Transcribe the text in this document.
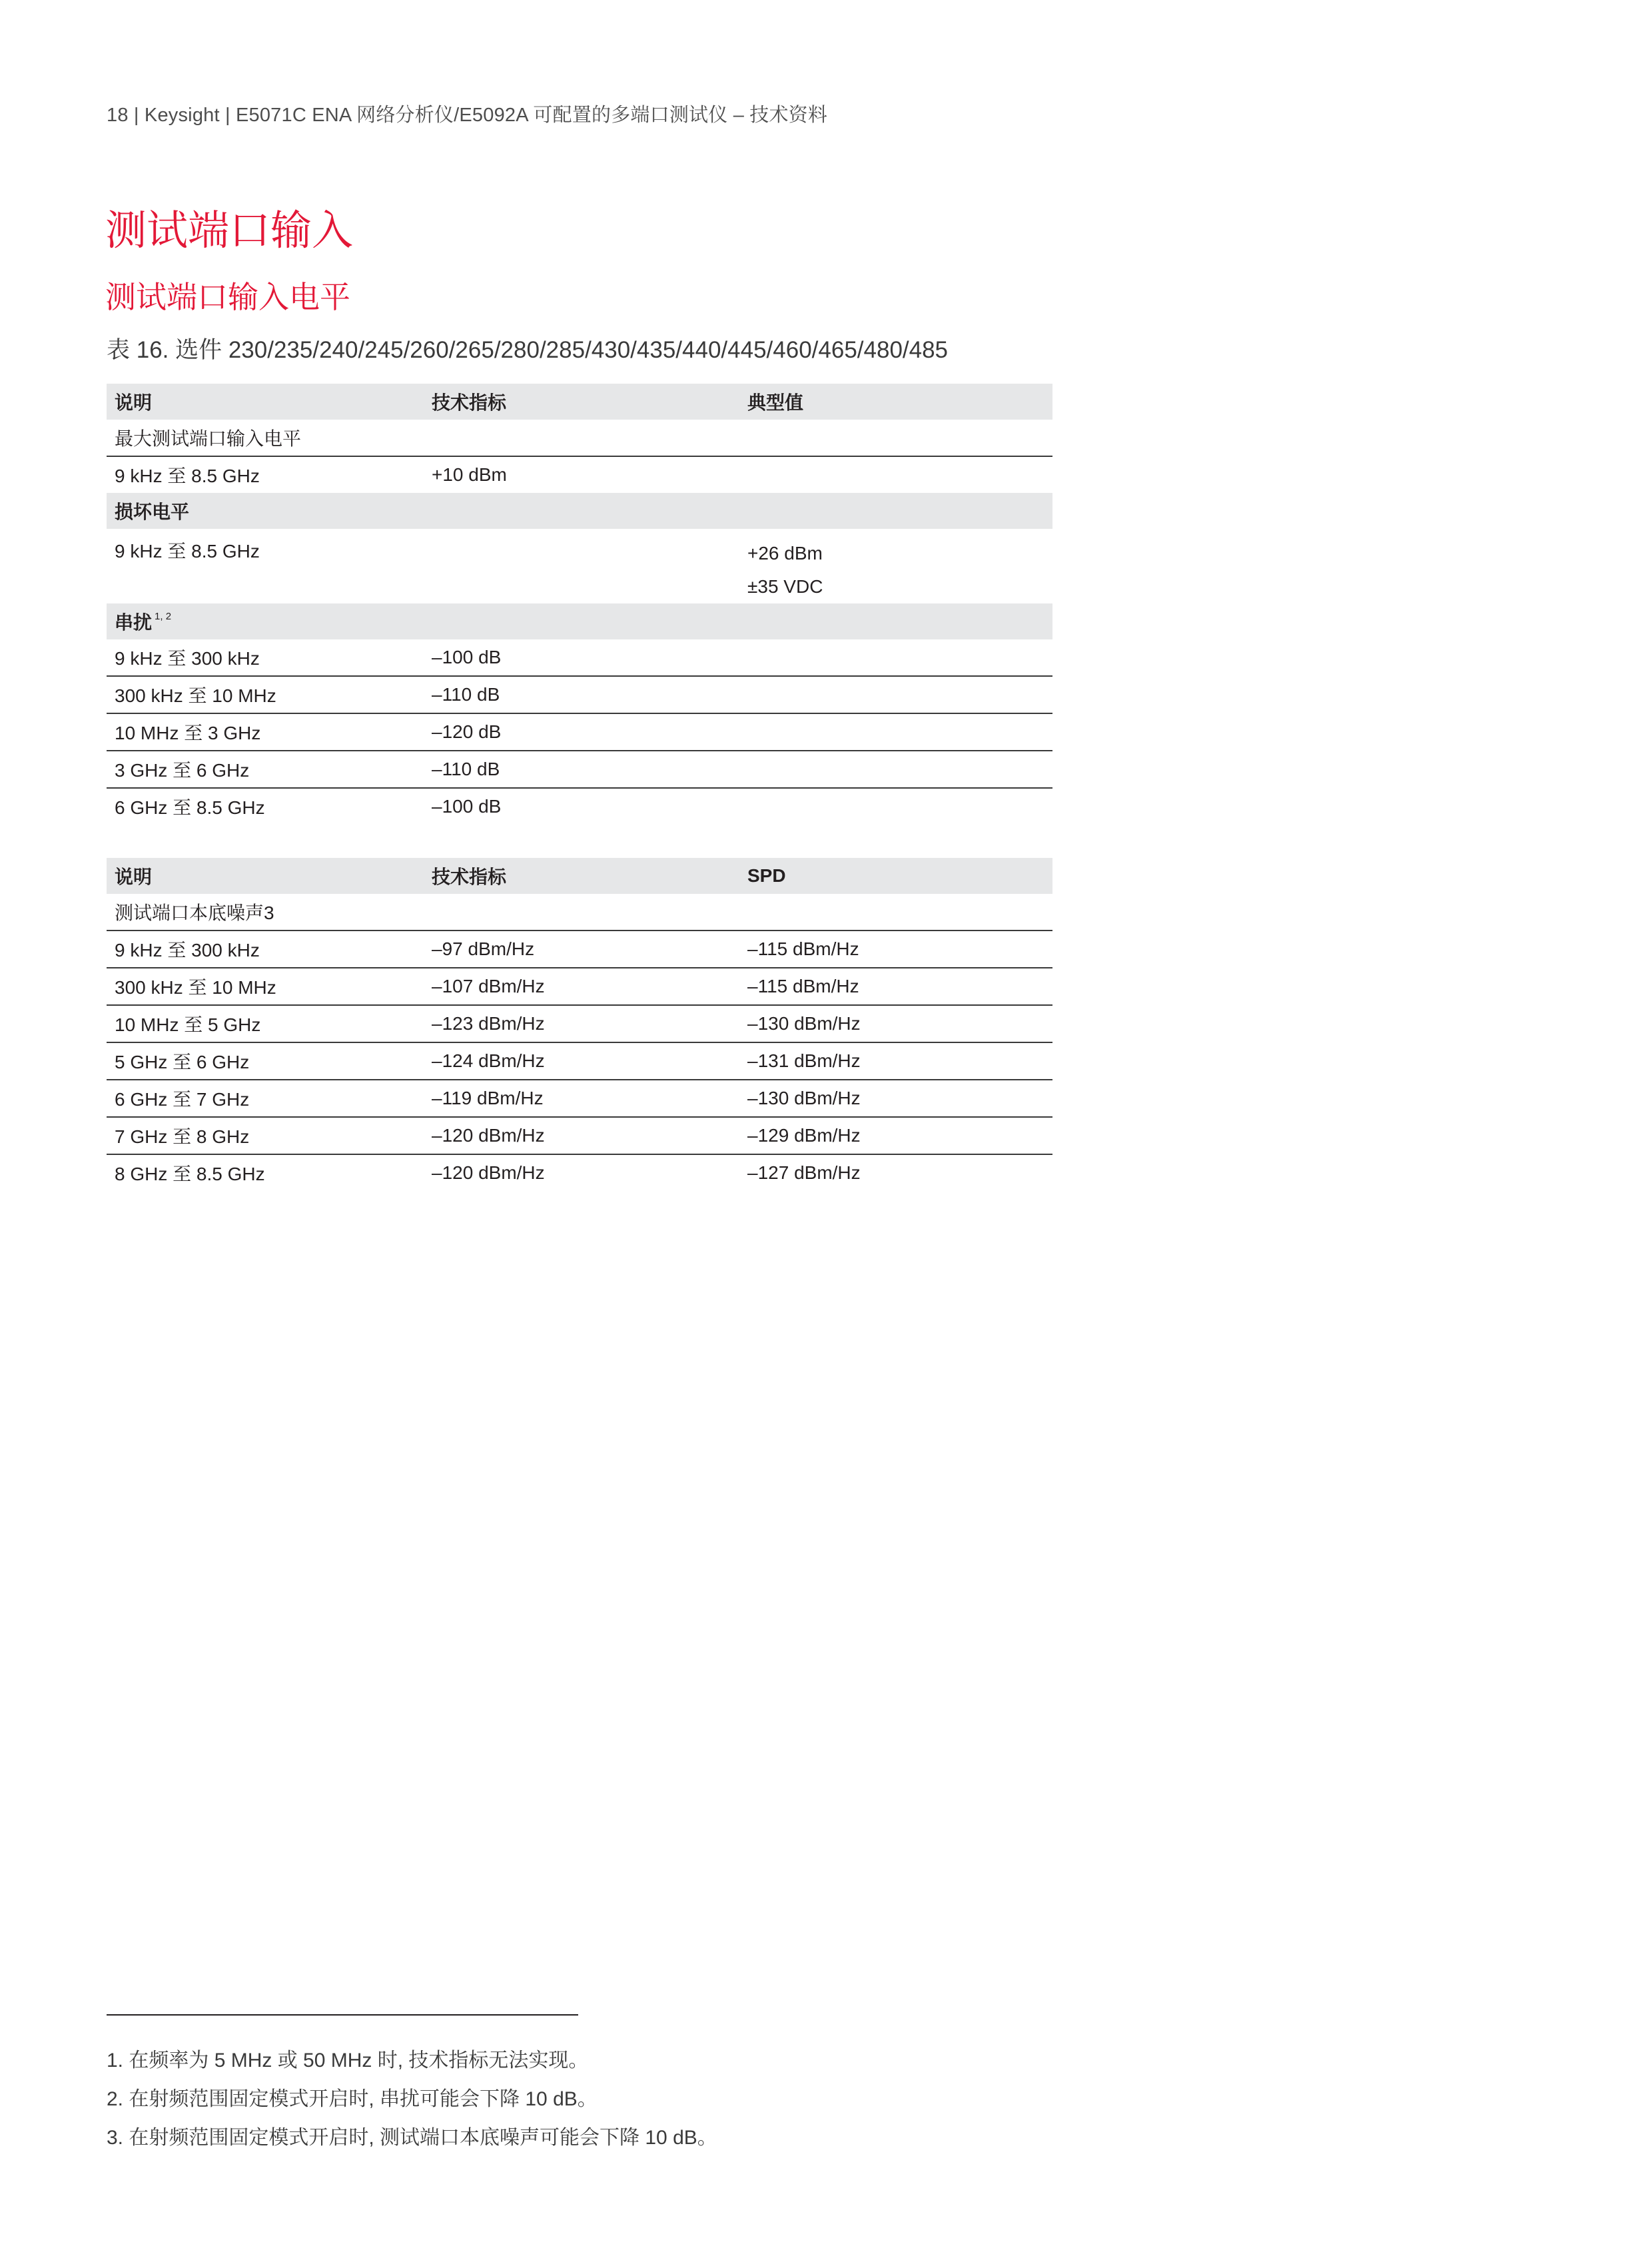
18 | Keysight | E5071C ENA 网络分析仪/E5092A 可配置的多端口测试仪 – 技术资料
测试端口输入
测试端口输入电平
表 16. 选件 230/235/240/245/260/265/280/285/430/435/440/445/460/465/480/485
说明	技术指标	典型值
最大测试端口输入电平		
9 kHz 至 8.5 GHz	+10 dBm	
损坏电平		
9 kHz 至 8.5 GHz		+26 dBm
±35 VDC

串扰 $^{1, 2}$
9 kHz 至 300 kHz	–100 dB	
300 kHz 至 10 MHz	–110 dB	
10 MHz 至 3 GHz	–120 dB	
3 GHz 至 6 GHz	–110 dB	
6 GHz 至 8.5 GHz	–100 dB	
说明	技术指标	SPD
测试端口本底噪声3		
9 kHz 至 300 kHz	–97 dBm/Hz	–115 dBm/Hz
300 kHz 至 10 MHz	–107 dBm/Hz	–115 dBm/Hz
10 MHz 至 5 GHz	–123 dBm/Hz	–130 dBm/Hz
5 GHz 至 6 GHz	–124 dBm/Hz	–131 dBm/Hz
6 GHz 至 7 GHz	–119 dBm/Hz	–130 dBm/Hz
7 GHz 至 8 GHz	–120 dBm/Hz	–129 dBm/Hz
8 GHz 至 8.5 GHz	–120 dBm/Hz	–127 dBm/Hz
1. 在频率为 5 MHz 或 50 MHz 时, 技术指标无法实现。
2. 在射频范围固定模式开启时, 串扰可能会下降 10 dB。
3. 在射频范围固定模式开启时, 测试端口本底噪声可能会下降 10 dB。
